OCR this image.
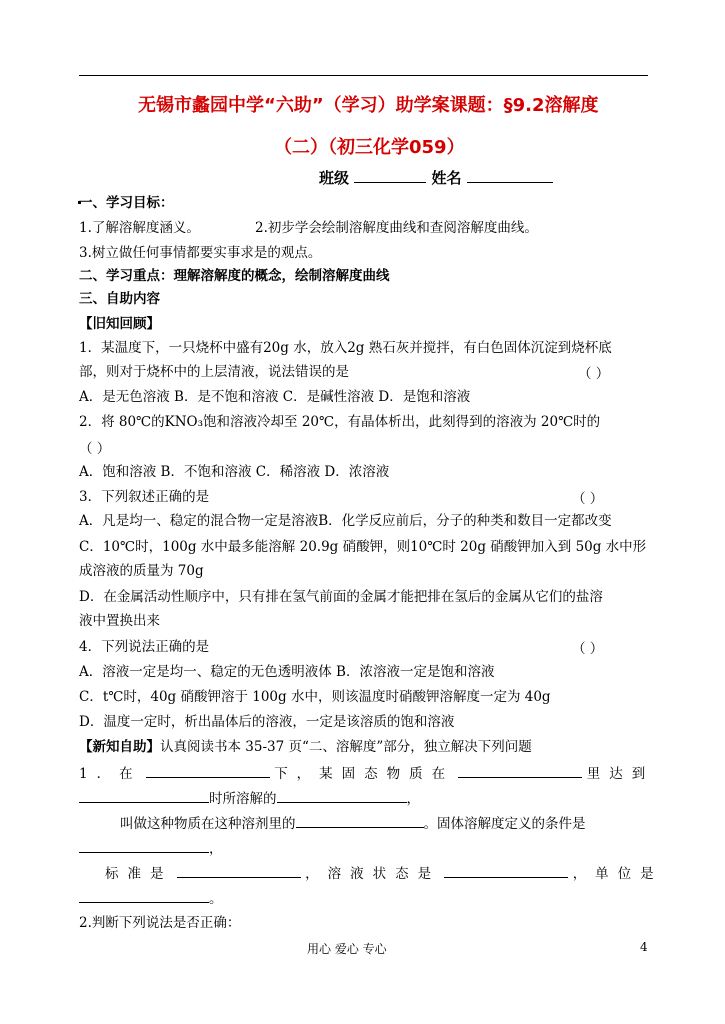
无锡市蠡园中学“六助”（学习）助学案课题：§9.2溶解度
（二）（初三化学059）
班级	姓名
一、学习目标：
1.了解溶解度涵义。	2.初步学会绘制溶解度曲线和查阅溶解度曲线。
3.树立做任何事情都要实事求是的观点。
二、学习重点：理解溶解度的概念，绘制溶解度曲线
三、自助内容
【旧知回顾】
1．某温度下，一只烧杯中盛有20g 水，放入2g 熟石灰并搅拌，有白色固体沉淀到烧杯底
部，则对于烧杯中的上层清液，说法错误的是	（ ）
A．是无色溶液 B．是不饱和溶液 C．是碱性溶液 D．是饱和溶液
2．将 80℃的KNO₃饱和溶液冷却至 20℃，有晶体析出，此刻得到的溶液为 20℃时的
（ ）
A．饱和溶液 B．不饱和溶液 C．稀溶液 D．浓溶液
3．下列叙述正确的是	（ ）
A．凡是均一、稳定的混合物一定是溶液B．化学反应前后，分子的种类和数目一定都改变
C．10℃时，100g 水中最多能溶解 20.9g 硝酸钾，则10℃时 20g 硝酸钾加入到 50g 水中形
成溶液的质量为 70g
D．在金属活动性顺序中，只有排在氢气前面的金属才能把排在氢后的金属从它们的盐溶
液中置换出来
4．下列说法正确的是	（ ）
A．溶液一定是均一、稳定的无色透明液体 B．浓溶液一定是饱和溶液
C．t℃时，40g 硝酸钾溶于 100g 水中，则该温度时硝酸钾溶解度一定为 40g
D．温度一定时，析出晶体后的溶液，一定是该溶质的饱和溶液
【新知自助】认真阅读书本 35-37 页“二、溶解度”部分，独立解决下列问题
1．在	下，某固态物质在	里达到
时所溶解的	，
叫做这种物质在这种溶剂里的	。固体溶解度定义的条件是
，
标准是	，溶液状态是	，单位是
。
2.判断下列说法是否正确：
用心 爱心 专心	4
